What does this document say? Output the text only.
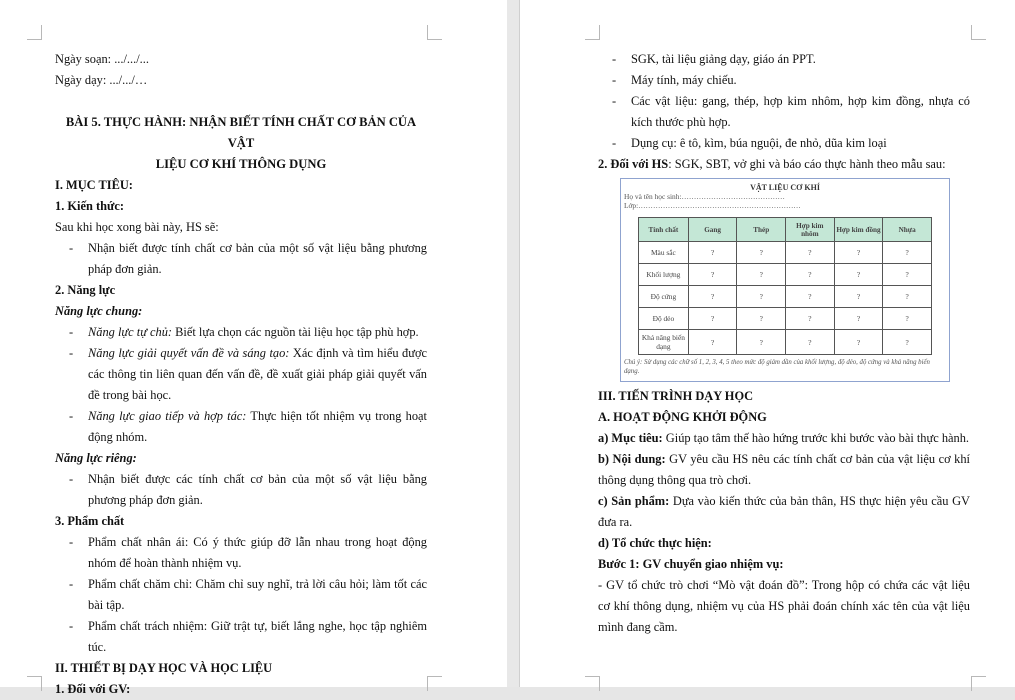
Ngày soạn: .../.../...

Ngày dạy: .../.../…

BÀI 5. THỰC HÀNH: NHẬN BIẾT TÍNH CHẤT CƠ BẢN CỦA VẬT

LIỆU CƠ KHÍ THÔNG DỤNG

I. MỤC TIÊU:

1. Kiến thức:

Sau khi học xong bài này, HS sẽ:

- Nhận biết được tính chất cơ bản của một số vật liệu bằng phương pháp đơn giản.

2. Năng lực

Năng lực chung:

- Năng lực tự chủ: Biết lựa chọn các nguồn tài liệu học tập phù hợp.
- Năng lực giải quyết vấn đề và sáng tạo: Xác định và tìm hiểu được các thông tin liên quan đến vấn đề, đề xuất giải pháp giải quyết vấn đề trong bài học.
- Năng lực giao tiếp và hợp tác: Thực hiện tốt nhiệm vụ trong hoạt động nhóm.

Năng lực riêng:

- Nhận biết được các tính chất cơ bản của một số vật liệu bằng phương pháp đơn giản.

3. Phẩm chất

- Phẩm chất nhân ái: Có ý thức giúp đỡ lẫn nhau trong hoạt động nhóm để hoàn thành nhiệm vụ.
- Phẩm chất chăm chỉ: Chăm chỉ suy nghĩ, trả lời câu hỏi; làm tốt các bài tập.
- Phẩm chất trách nhiệm: Giữ trật tự, biết lắng nghe, học tập nghiêm túc.

II. THIẾT BỊ DẠY HỌC VÀ HỌC LIỆU

1. Đối với GV:

- SGK, tài liệu giảng dạy, giáo án PPT.
- Máy tính, máy chiếu.
- Các vật liệu: gang, thép, hợp kim nhôm, hợp kim đồng, nhựa có kích thước phù hợp.
- Dụng cụ: ê tô, kìm, búa nguội, đe nhỏ, dũa kim loại

2. Đối với HS: SGK, SBT, vở ghi và báo cáo thực hành theo mẫu sau:

VẬT LIỆU CƠ KHÍ
Họ và tên học sinh:……………………………………
Lớp:…………………………………………………………
Tính chất	Gang	Thép	Hợp kim nhôm	Hợp kim đồng	Nhựa
Màu sắc	?	?	?	?	?
Khối lượng	?	?	?	?	?
Độ cứng	?	?	?	?	?
Độ dẻo	?	?	?	?	?
Khả năng biến dạng	?	?	?	?	?
Chú ý: Sử dụng các chữ số 1, 2, 3, 4, 5 theo mức độ giảm dần của khối lượng, độ dẻo, độ cứng và khả năng biến dạng.

III. TIẾN TRÌNH DẠY HỌC

A. HOẠT ĐỘNG KHỞI ĐỘNG

a) Mục tiêu: Giúp tạo tâm thế hào hứng trước khi bước vào bài thực hành.

b) Nội dung: GV yêu cầu HS nêu các tính chất cơ bản của vật liệu cơ khí thông dụng thông qua trò chơi.

c) Sản phẩm: Dựa vào kiến thức của bản thân, HS thực hiện yêu cầu GV đưa ra.

d) Tổ chức thực hiện:

Bước 1: GV chuyển giao nhiệm vụ:

- GV tổ chức trò chơi “Mò vật đoán đồ”: Trong hộp có chứa các vật liệu cơ khí thông dụng, nhiệm vụ của HS phải đoán chính xác tên của vật liệu mình đang cầm.
